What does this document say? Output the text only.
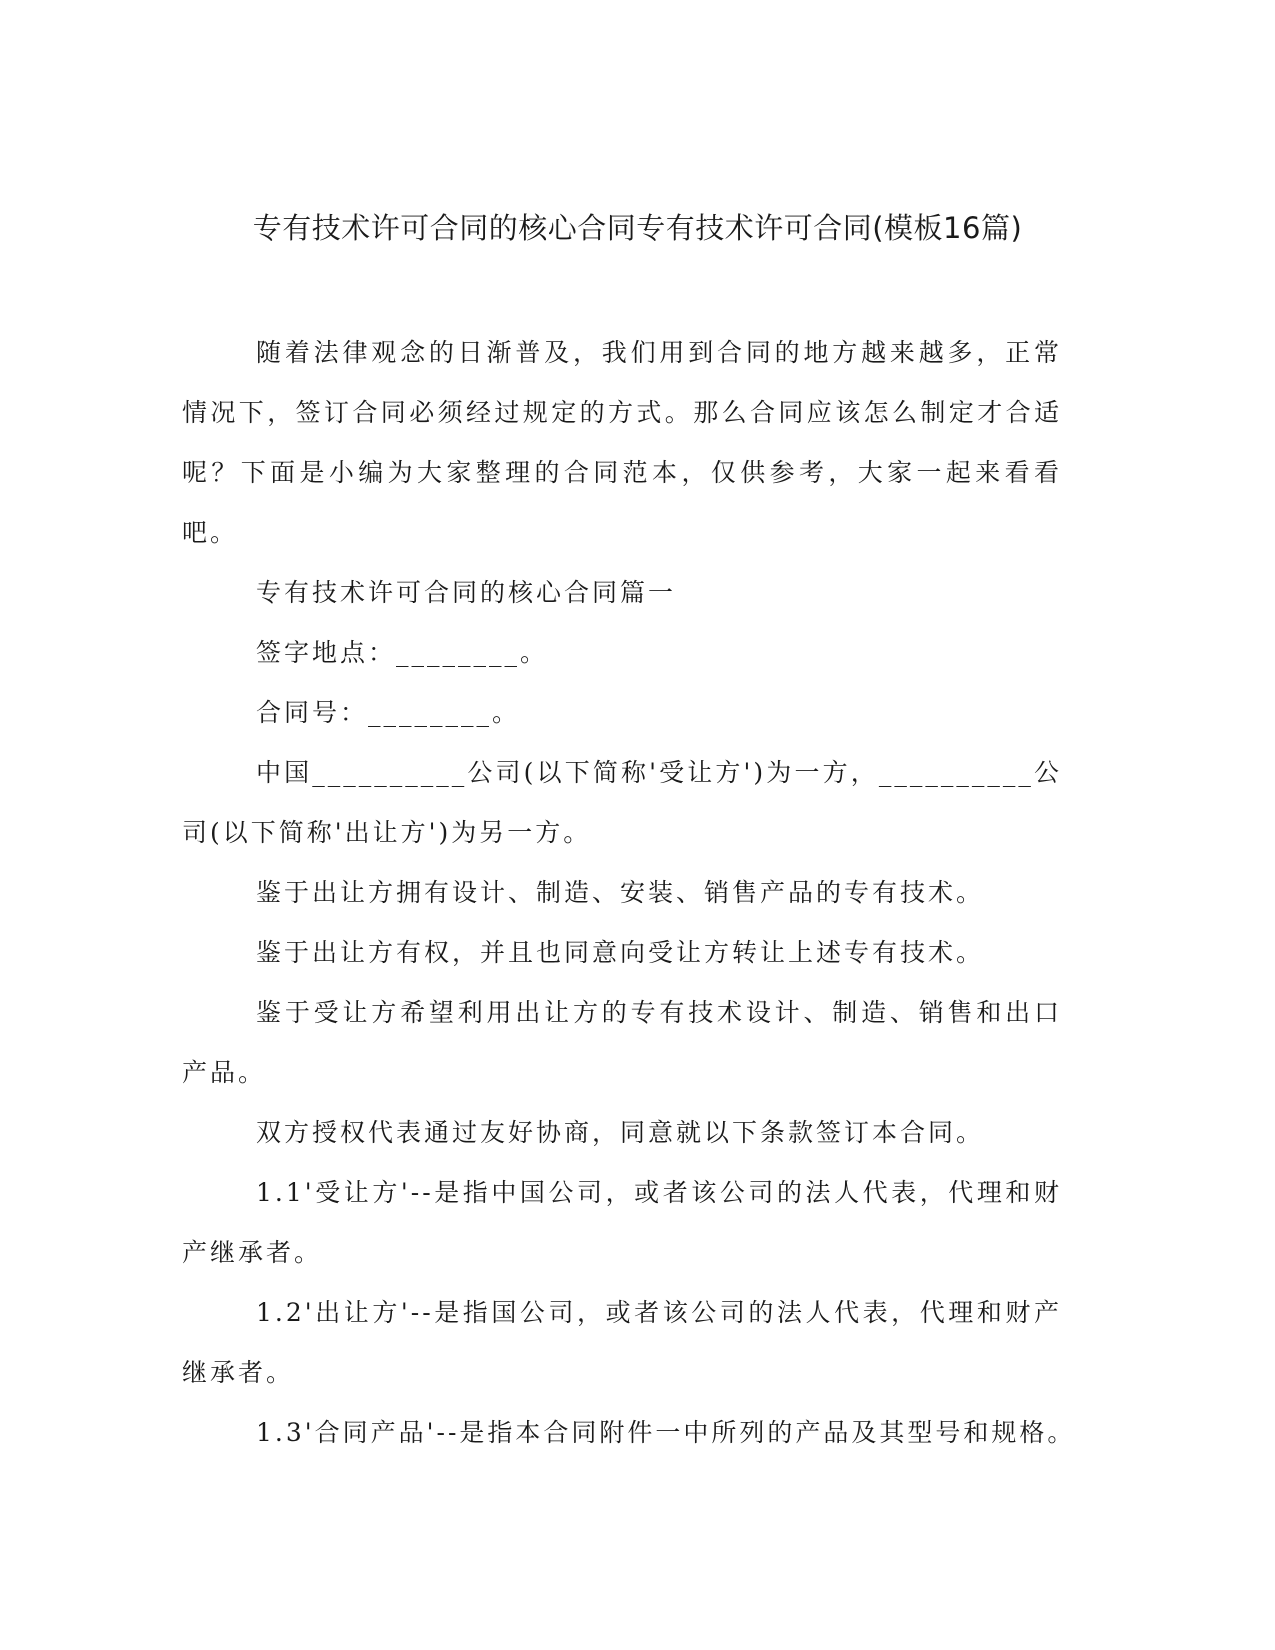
专有技术许可合同的核心合同专有技术许可合同(模板16篇)

随着法律观念的日渐普及，我们用到合同的地方越来越多，正常情况下，签订合同必须经过规定的方式。那么合同应该怎么制定才合适呢？下面是小编为大家整理的合同范本，仅供参考，大家一起来看看吧。

专有技术许可合同的核心合同篇一

签字地点：________。

合同号：________。

中国__________公司(以下简称'受让方')为一方，__________公司(以下简称'出让方')为另一方。

鉴于出让方拥有设计、制造、安装、销售产品的专有技术。

鉴于出让方有权，并且也同意向受让方转让上述专有技术。

鉴于受让方希望利用出让方的专有技术设计、制造、销售和出口产品。

双方授权代表通过友好协商，同意就以下条款签订本合同。

1.1'受让方'--是指中国公司，或者该公司的法人代表，代理和财产继承者。

1.2'出让方'--是指国公司，或者该公司的法人代表，代理和财产继承者。

1.3'合同产品'--是指本合同附件一中所列的产品及其型号和规格。
